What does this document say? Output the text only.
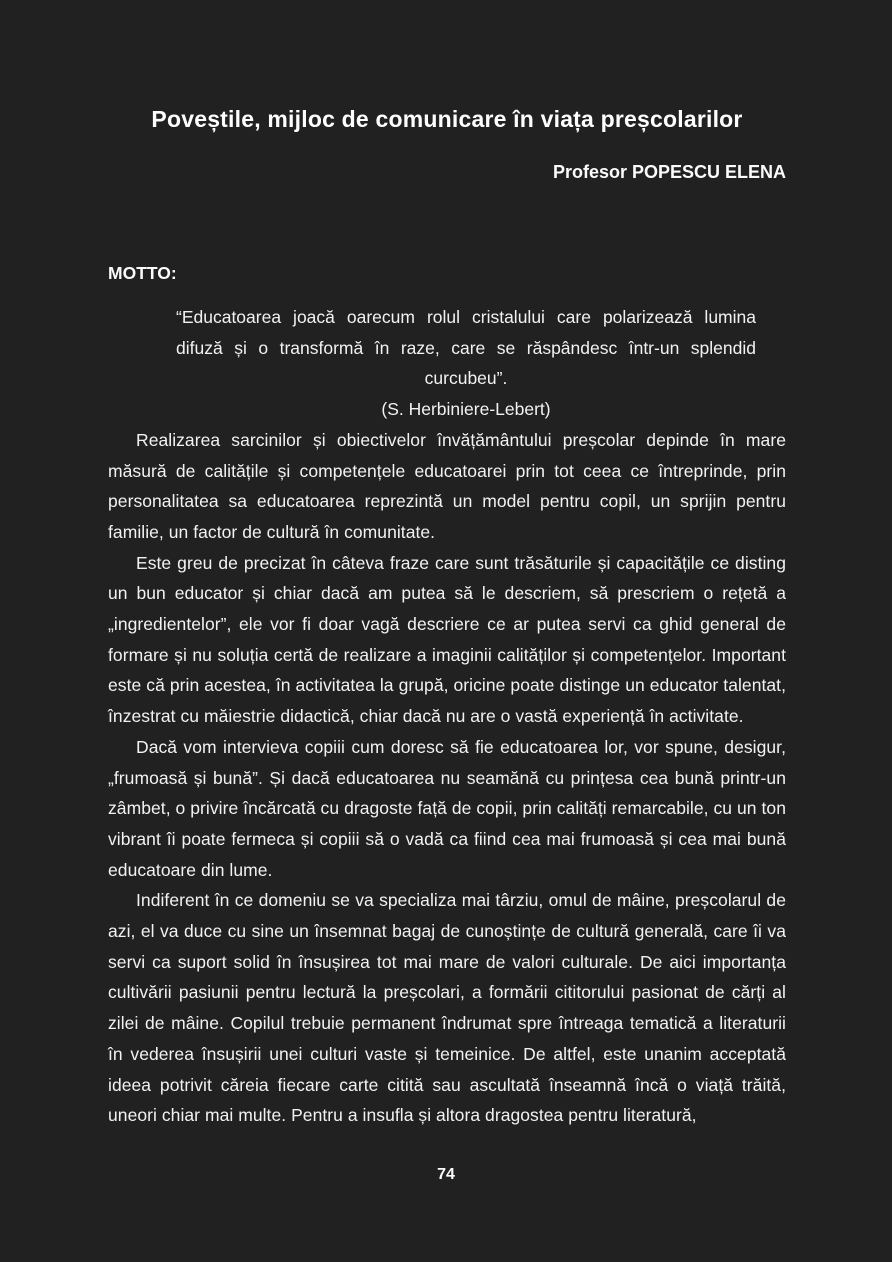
Poveștile, mijloc de comunicare în viața preșcolarilor
Profesor POPESCU ELENA
MOTTO:
“Educatoarea joacă oarecum rolul cristalului care polarizează lumina
difuză și o transformă în raze, care se răspândesc într-un splendid
curcubeu”.
(S. Herbiniere-Lebert)

Realizarea sarcinilor și obiectivelor învățământului preșcolar depinde în mare măsură de calitățile și competențele educatoarei prin tot ceea ce întreprinde, prin personalitatea sa educatoarea reprezintă un model pentru copil, un sprijin pentru familie, un factor de cultură în comunitate.

Este greu de precizat în câteva fraze care sunt trăsăturile și capacitățile ce disting un bun educator și chiar dacă am putea să le descriem, să prescriem o rețetă a „ingredientelor”, ele vor fi doar vagă descriere ce ar putea servi ca ghid general de formare și nu soluția certă de realizare a imaginii calităților și competențelor. Important este că prin acestea, în activitatea la grupă, oricine poate distinge un educator talentat, înzestrat cu măiestrie didactică, chiar dacă nu are o vastă experiență în activitate.

Dacă vom intervieva copiii cum doresc să fie educatoarea lor, vor spune, desigur, „frumoasă și bună”. Și dacă educatoarea nu seamănă cu prințesa cea bună printr-un zâmbet, o privire încărcată cu dragoste față de copii, prin calități remarcabile, cu un ton vibrant îi poate fermeca și copiii să o vadă ca fiind cea mai frumoasă și cea mai bună educatoare din lume.

Indiferent în ce domeniu se va specializa mai târziu, omul de mâine, preșcolarul de azi, el va duce cu sine un însemnat bagaj de cunoștințe de cultură generală, care îi va servi ca suport solid în însușirea tot mai mare de valori culturale. De aici importanța cultivării pasiunii pentru lectură la preșcolari, a formării cititorului pasionat de cărți al zilei de mâine. Copilul trebuie permanent îndrumat spre întreaga tematică a literaturii în vederea însușirii unei culturi vaste și temeinice. De altfel, este unanim acceptată ideea potrivit căreia fiecare carte citită sau ascultată înseamnă încă o viață trăită, uneori chiar mai multe. Pentru a insufla și altora dragostea pentru literatură,

74
